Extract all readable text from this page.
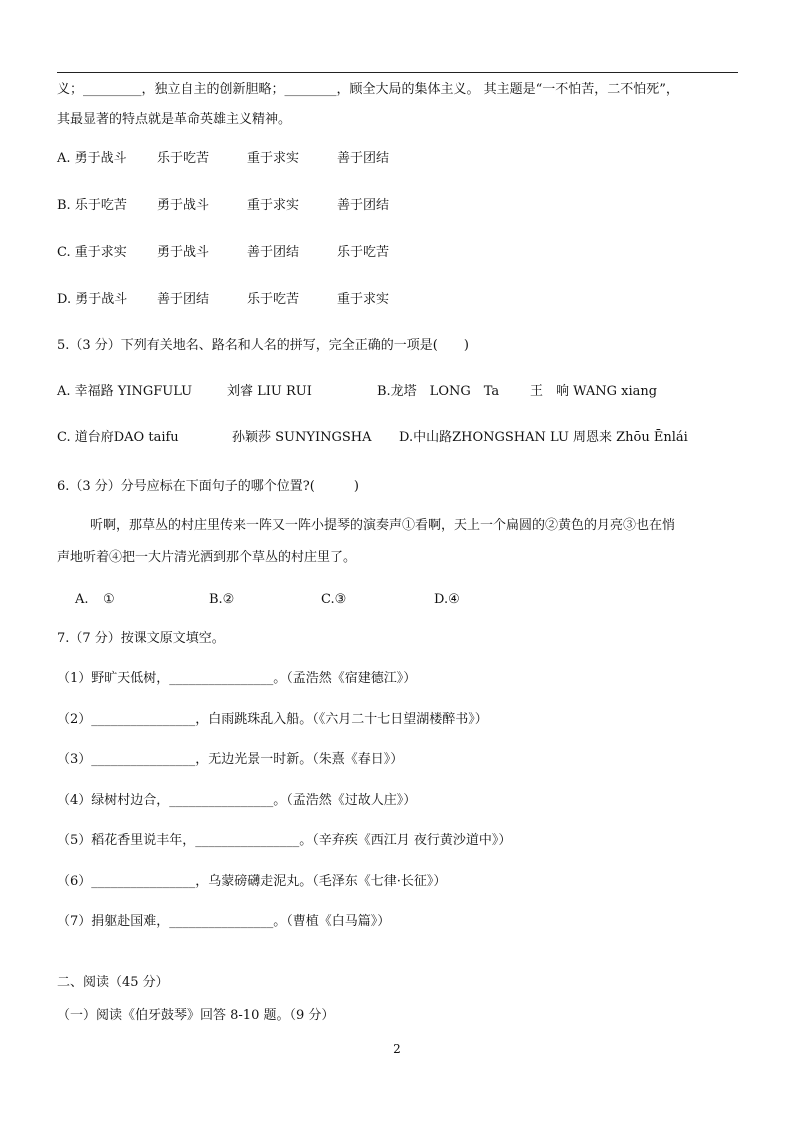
义；_________，独立自主的创新胆略；________，顾全大局的集体主义。 其主题是“一不怕苦，二不怕死”，
其最显著的特点就是革命英雄主义精神。
A. 勇于战斗 乐于吃苦	重于求实	善于团结
B. 乐于吃苦 勇于战斗	重于求实	善于团结
C. 重于求实 勇于战斗	善于团结	乐于吃苦
D. 勇于战斗 善于团结	乐于吃苦	重于求实
5.（3 分）下列有关地名、路名和人名的拼写，完全正确的一项是(　　)
A. 幸福路 YINGFULU	刘睿 LIU RUI	B.龙塔　LONG　Ta 王　响 WANG xiang
C. 道台府DAO taifu	孙颖莎 SUNYINGSHA D.中山路ZHONGSHAN LU 周恩来 Zhōu Ēnlái
6.（3 分）分号应标在下面句子的哪个位置?(　　　)
听啊，那草丛的村庄里传来一阵又一阵小提琴的演奏声①看啊，天上一个扁圆的②黄色的月亮③也在悄
声地听着④把一大片清光洒到那个草丛的村庄里了。
A. ①	B.②	C.③	D.④
7.（7 分）按课文原文填空。
（1）野旷天低树，________________。（孟浩然《宿建德江》）
（2）________________，白雨跳珠乱入船。（《六月二十七日望湖楼醉书》）
（3）________________，无边光景一时新。（朱熹《春日》）
（4）绿树村边合，________________。（孟浩然《过故人庄》）
（5）稻花香里说丰年，________________。（辛弃疾《西江月 夜行黄沙道中》）
（6）________________，乌蒙磅礴走泥丸。（毛泽东《七律·长征》）
（7）捐躯赴国难，________________。（曹植《白马篇》）
二、阅读（45 分）
（一）阅读《伯牙鼓琴》回答 8-10 题。（9 分）
2
